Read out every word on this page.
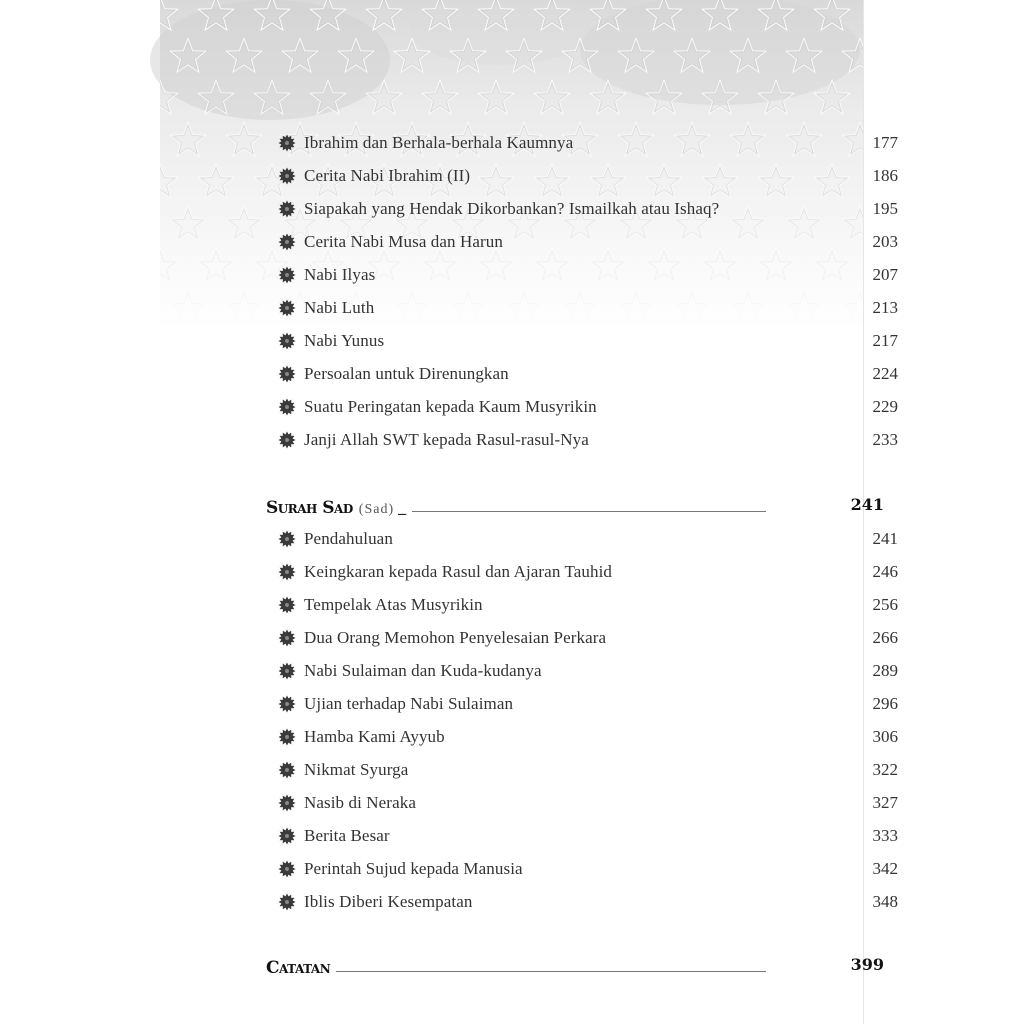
Ibrahim dan Berhala-berhala Kaumnya	177
Cerita Nabi Ibrahim (II)	186
Siapakah yang Hendak Dikorbankan? Ismailkah atau Ishaq?	195
Cerita Nabi Musa dan Harun	203
Nabi Ilyas	207
Nabi Luth	213
Nabi Yunus	217
Persoalan untuk Direnungkan	224
Suatu Peringatan kepada Kaum Musyrikin	229
Janji Allah SWT kepada Rasul-rasul-Nya	233
Surah Sad (Sad) _	241
Pendahuluan	241
Keingkaran kepada Rasul dan Ajaran Tauhid	246
Tempelak Atas Musyrikin	256
Dua Orang Memohon Penyelesaian Perkara	266
Nabi Sulaiman dan Kuda-kudanya	289
Ujian terhadap Nabi Sulaiman	296
Hamba Kami Ayyub	306
Nikmat Syurga	322
Nasib di Neraka	327
Berita Besar	333
Perintah Sujud kepada Manusia	342
Iblis Diberi Kesempatan	348
Catatan	399
